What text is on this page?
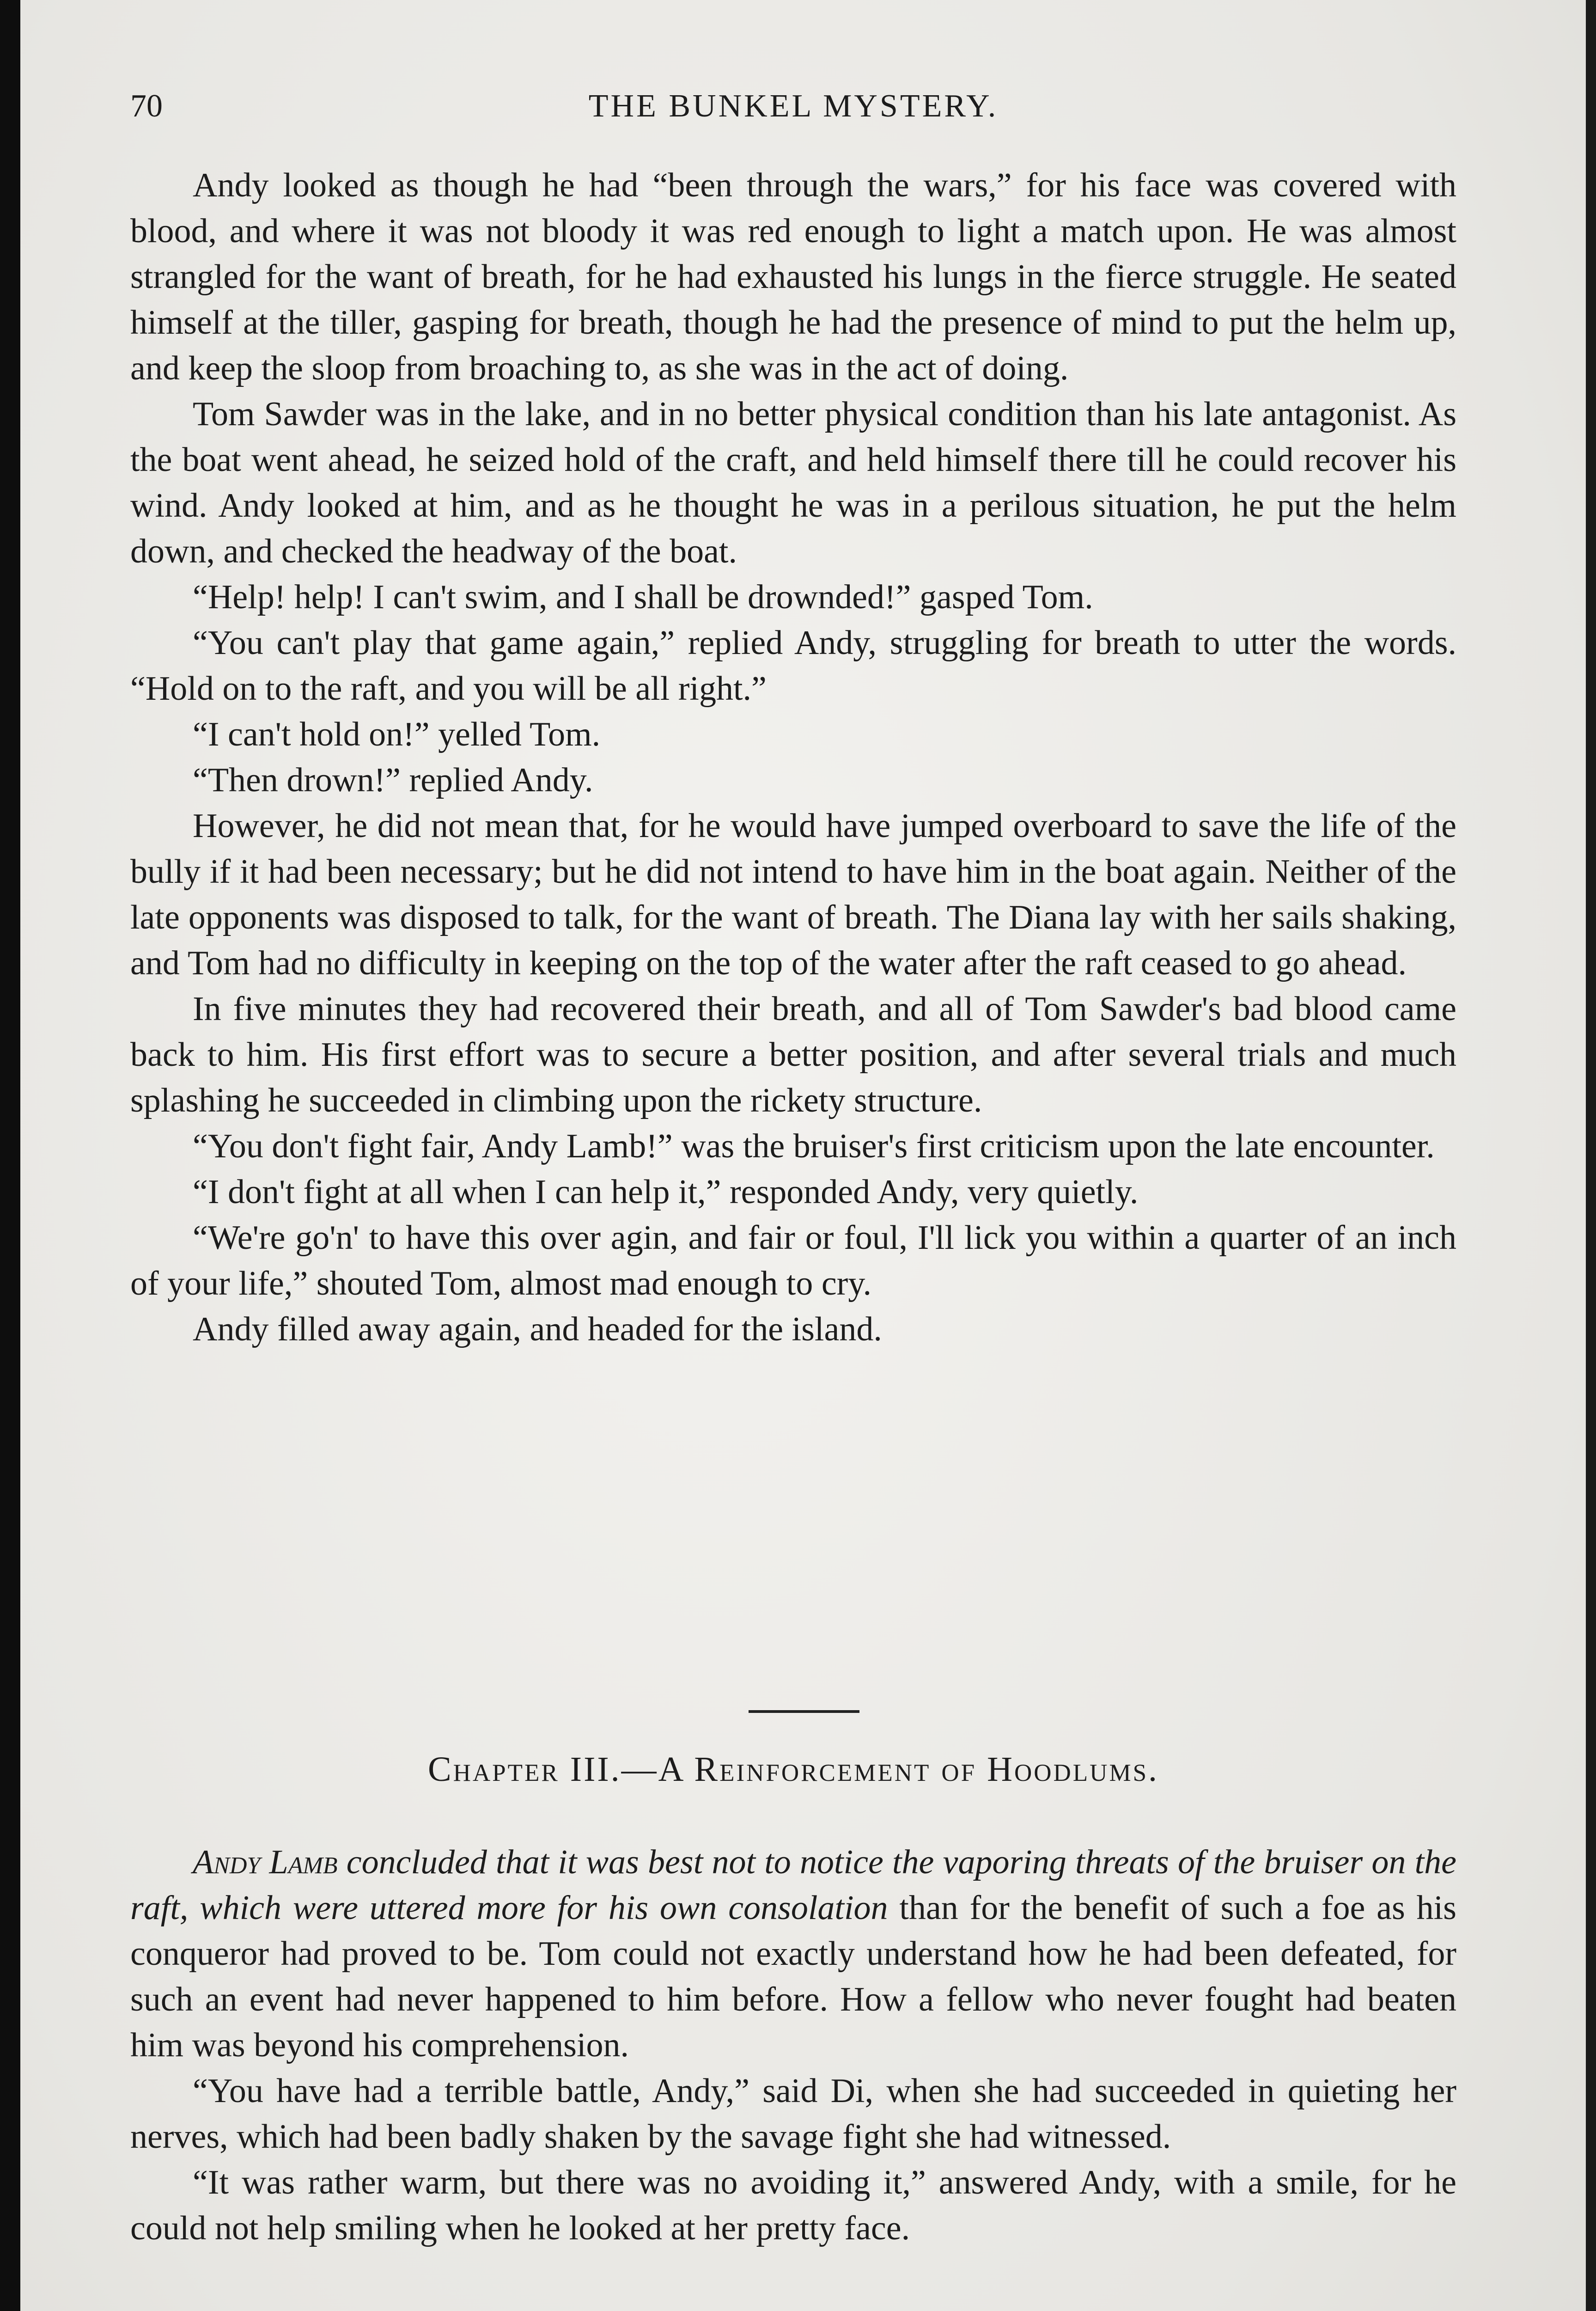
70	THE BUNKEL MYSTERY.

Andy looked as though he had “been through the wars,” for his face was covered with blood, and where it was not bloody it was red enough to light a match upon. He was almost strangled for the want of breath, for he had exhausted his lungs in the fierce struggle. He seated himself at the tiller, gasping for breath, though he had the presence of mind to put the helm up, and keep the sloop from broaching to, as she was in the act of doing.

Tom Sawder was in the lake, and in no better physical condition than his late antagonist. As the boat went ahead, he seized hold of the craft, and held himself there till he could recover his wind. Andy looked at him, and as he thought he was in a perilous situation, he put the helm down, and checked the headway of the boat.

“Help! help! I can't swim, and I shall be drownded!” gasped Tom.

“You can't play that game again,” replied Andy, struggling for breath to utter the words. “Hold on to the raft, and you will be all right.”

“I can't hold on!” yelled Tom.

“Then drown!” replied Andy.

However, he did not mean that, for he would have jumped overboard to save the life of the bully if it had been necessary; but he did not intend to have him in the boat again. Neither of the late opponents was disposed to talk, for the want of breath. The Diana lay with her sails shaking, and Tom had no difficulty in keeping on the top of the water after the raft ceased to go ahead.

In five minutes they had recovered their breath, and all of Tom Sawder's bad blood came back to him. His first effort was to secure a better position, and after several trials and much splashing he succeeded in climbing upon the rickety structure.

“You don't fight fair, Andy Lamb!” was the bruiser's first criticism upon the late encounter.

“I don't fight at all when I can help it,” responded Andy, very quietly.

“We're go'n' to have this over agin, and fair or foul, I'll lick you within a quarter of an inch of your life,” shouted Tom, almost mad enough to cry.

Andy filled away again, and headed for the island.

Chapter III.—A Reinforcement of Hoodlums.

Andy Lamb concluded that it was best not to notice the vaporing threats of the bruiser on the raft, which were uttered more for his own consolation than for the benefit of such a foe as his conqueror had proved to be. Tom could not exactly understand how he had been defeated, for such an event had never happened to him before. How a fellow who never fought had beaten him was beyond his comprehension.

“You have had a terrible battle, Andy,” said Di, when she had succeeded in quieting her nerves, which had been badly shaken by the savage fight she had witnessed.

“It was rather warm, but there was no avoiding it,” answered Andy, with a smile, for he could not help smiling when he looked at her pretty face.
